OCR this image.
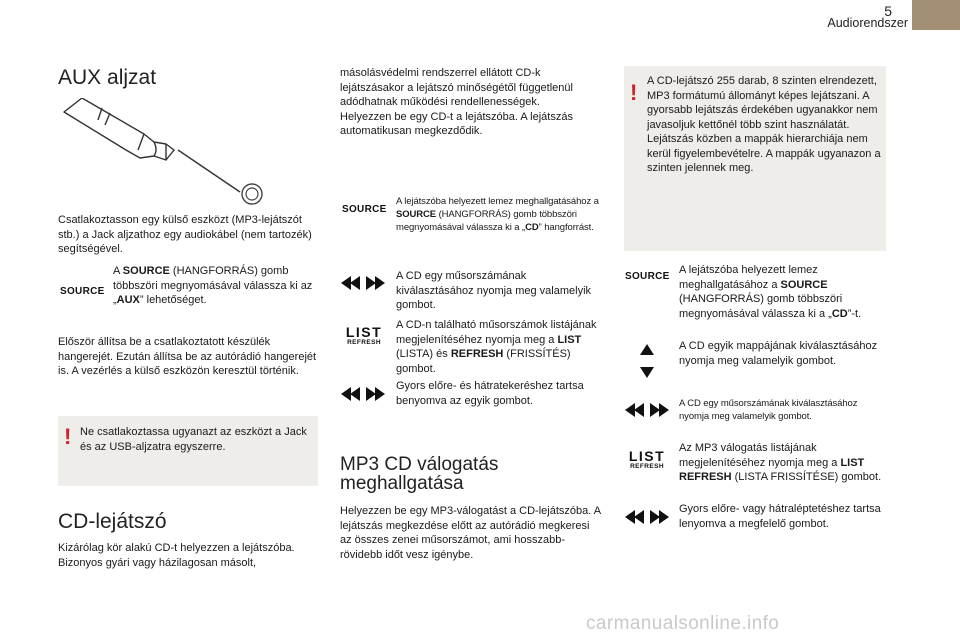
5
Audiorendszer
AUX aljzat
Csatlakoztasson egy külső eszközt (MP3-lejátszót stb.) a Jack aljzathoz egy audiokábel (nem tartozék) segítségével.
SOURCE
A SOURCE (HANGFORRÁS) gomb többszöri megnyomásával válassza ki az „AUX” lehetőséget.
Először állítsa be a csatlakoztatott készülék hangerejét. Ezután állítsa be az autórádió hangerejét is. A vezérlés a külső eszközön keresztül történik.
! Ne csatlakoztassa ugyanazt az eszközt a Jack és az USB-aljzatra egyszerre.
CD-lejátszó
Kizárólag kör alakú CD-t helyezzen a lejátszóba. Bizonyos gyári vagy házilagosan másolt,
másolásvédelmi rendszerrel ellátott CD-k lejátszásakor a lejátszó minőségétől függetlenül adódhatnak működési rendellenességek. Helyezzen be egy CD-t a lejátszóba. A lejátszás automatikusan megkezdődik.
SOURCE
A lejátszóba helyezett lemez meghallgatásához a SOURCE (HANGFORRÁS) gomb többszöri megnyomásával válassza ki a „CD” hangforrást.
A CD egy műsorszámának kiválasztásához nyomja meg valamelyik gombot.
LIST
REFRESH
A CD-n található műsorszámok listájának megjelenítéséhez nyomja meg a LIST (LISTA) és REFRESH (FRISSÍTÉS) gombot.
Gyors előre- és hátratekeréshez tartsa benyomva az egyik gombot.
MP3 CD válogatás
meghallgatása
Helyezzen be egy MP3-válogatást a CD-lejátszóba. A lejátszás megkezdése előtt az autórádió megkeresi az összes zenei műsorszámot, ami hosszabb-rövidebb időt vesz igénybe.
! A CD-lejátszó 255 darab, 8 szinten elrendezett, MP3 formátumú állományt képes lejátszani. A gyorsabb lejátszás érdekében ugyanakkor nem javasoljuk kettőnél több szint használatát. Lejátszás közben a mappák hierarchiája nem kerül figyelembevételre. A mappák ugyanazon a szinten jelennek meg.
SOURCE
A lejátszóba helyezett lemez meghallgatásához a SOURCE (HANGFORRÁS) gomb többszöri megnyomásával válassza ki a „CD”-t.
A CD egyik mappájának kiválasztásához nyomja meg valamelyik gombot.
A CD egy műsorszámának kiválasztásához nyomja meg valamelyik gombot.
LIST
REFRESH
Az MP3 válogatás listájának megjelenítéséhez nyomja meg a LIST REFRESH (LISTA FRISSÍTÉSE) gombot.
Gyors előre- vagy hátraléptetéshez tartsa lenyomva a megfelelő gombot.
carmanualsonline.info
